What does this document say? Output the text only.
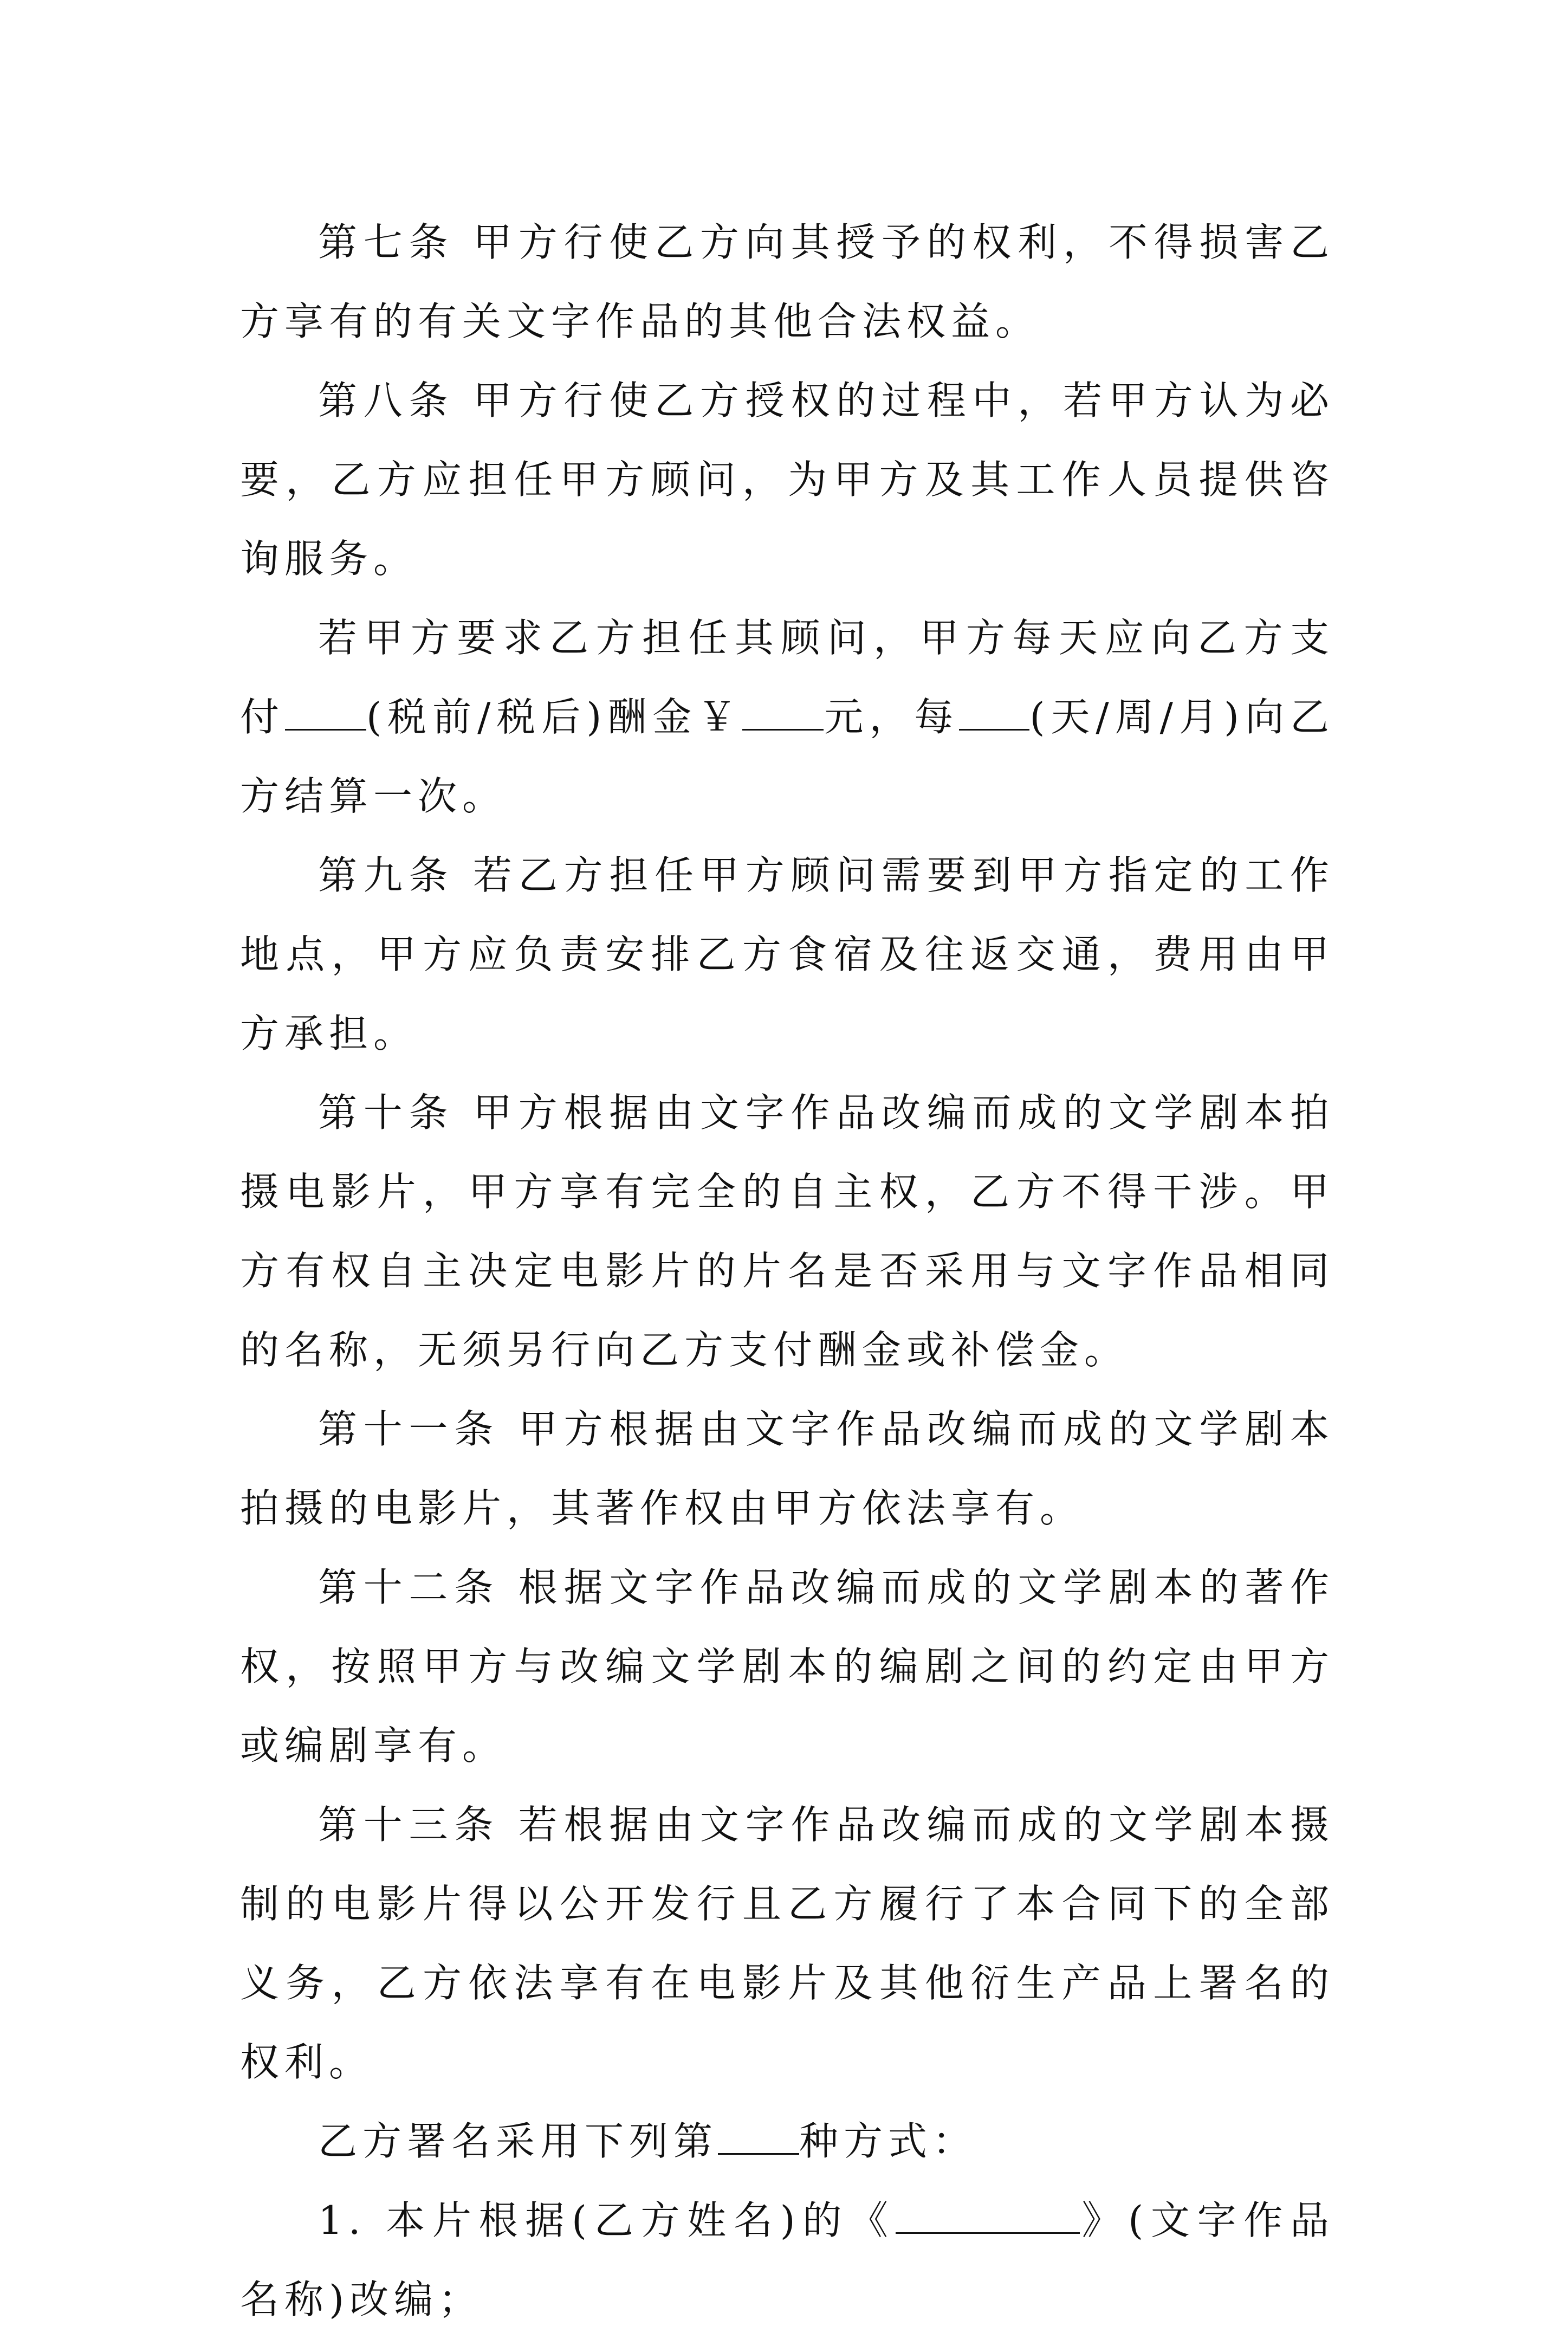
第七条 甲方行使乙方向其授予的权利，不得损害乙方享有的有关文字作品的其他合法权益。

第八条 甲方行使乙方授权的过程中，若甲方认为必要，乙方应担任甲方顾问，为甲方及其工作人员提供咨询服务。

若甲方要求乙方担任其顾问，甲方每天应向乙方支付 (税前/税后)酬金￥ 元，每 (天/周/月)向乙方结算一次。

第九条 若乙方担任甲方顾问需要到甲方指定的工作地点，甲方应负责安排乙方食宿及往返交通，费用由甲方承担。

第十条 甲方根据由文字作品改编而成的文学剧本拍摄电影片，甲方享有完全的自主权，乙方不得干涉。甲方有权自主决定电影片的片名是否采用与文字作品相同的名称，无须另行向乙方支付酬金或补偿金。

第十一条 甲方根据由文字作品改编而成的文学剧本拍摄的电影片，其著作权由甲方依法享有。

第十二条 根据文字作品改编而成的文学剧本的著作权，按照甲方与改编文学剧本的编剧之间的约定由甲方或编剧享有。

第十三条 若根据由文字作品改编而成的文学剧本摄制的电影片得以公开发行且乙方履行了本合同下的全部义务，乙方依法享有在电影片及其他衍生产品上署名的权利。

乙方署名采用下列第 种方式：

1. 本片根据(乙方姓名)的《	》(文字作品名称)改编；
